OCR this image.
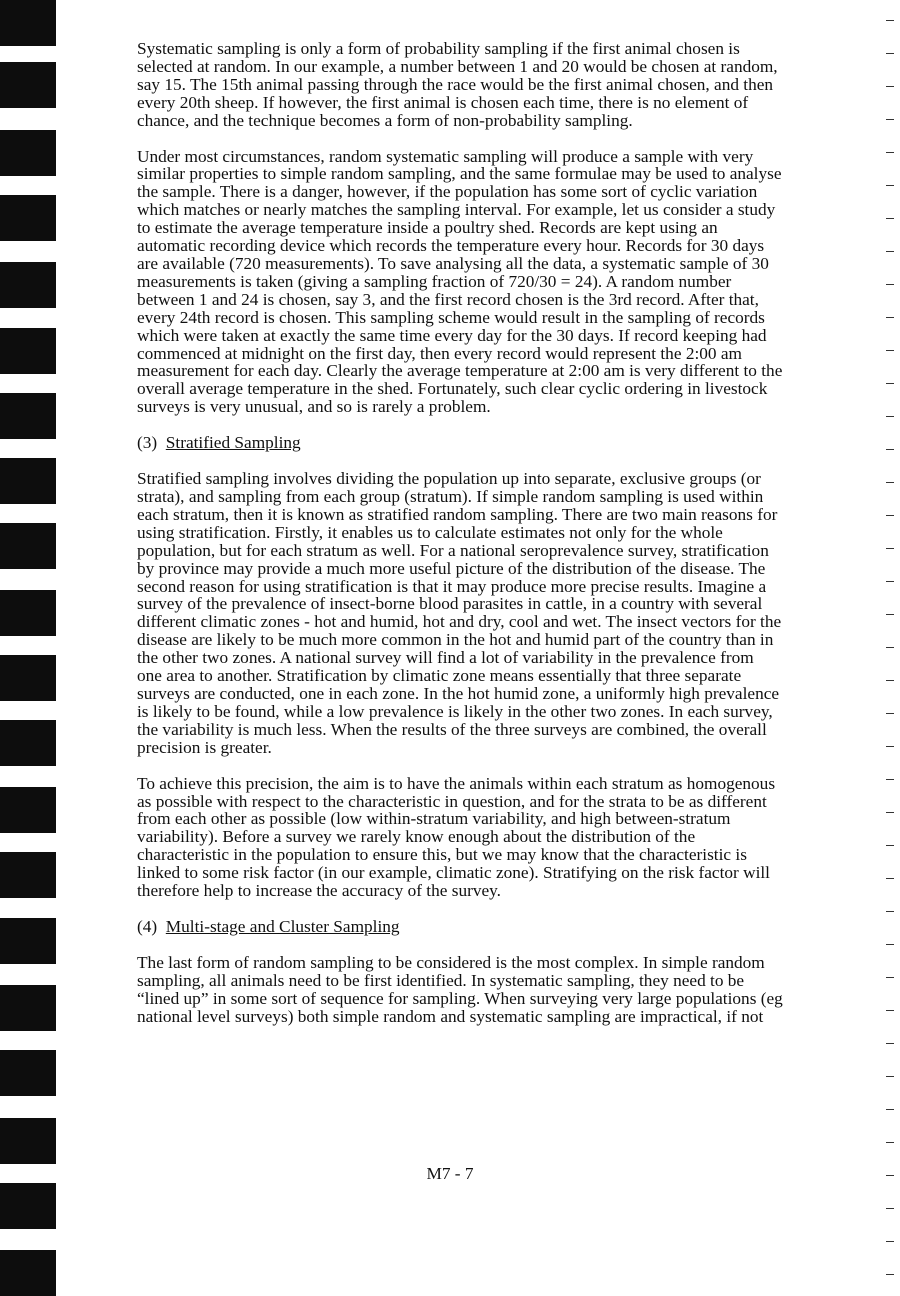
Systematic sampling is only a form of probability sampling if the first animal chosen is

selected at random. In our example, a number between 1 and 20 would be chosen at random,

say 15. The 15th animal passing through the race would be the first animal chosen, and then

every 20th sheep. If however, the first animal is chosen each time, there is no element of

chance, and the technique becomes a form of non-probability sampling.

Under most circumstances, random systematic sampling will produce a sample with very

similar properties to simple random sampling, and the same formulae may be used to analyse

the sample. There is a danger, however, if the population has some sort of cyclic variation

which matches or nearly matches the sampling interval. For example, let us consider a study

to estimate the average temperature inside a poultry shed. Records are kept using an

automatic recording device which records the temperature every hour. Records for 30 days

are available (720 measurements). To save analysing all the data, a systematic sample of 30

measurements is taken (giving a sampling fraction of 720/30 = 24). A random number

between 1 and 24 is chosen, say 3, and the first record chosen is the 3rd record. After that,

every 24th record is chosen. This sampling scheme would result in the sampling of records

which were taken at exactly the same time every day for the 30 days. If record keeping had

commenced at midnight on the first day, then every record would represent the 2:00 am

measurement for each day. Clearly the average temperature at 2:00 am is very different to the

overall average temperature in the shed. Fortunately, such clear cyclic ordering in livestock

surveys is very unusual, and so is rarely a problem.

(3) Stratified Sampling

Stratified sampling involves dividing the population up into separate, exclusive groups (or

strata), and sampling from each group (stratum). If simple random sampling is used within

each stratum, then it is known as stratified random sampling. There are two main reasons for

using stratification. Firstly, it enables us to calculate estimates not only for the whole

population, but for each stratum as well. For a national seroprevalence survey, stratification

by province may provide a much more useful picture of the distribution of the disease. The

second reason for using stratification is that it may produce more precise results. Imagine a

survey of the prevalence of insect-borne blood parasites in cattle, in a country with several

different climatic zones - hot and humid, hot and dry, cool and wet. The insect vectors for the

disease are likely to be much more common in the hot and humid part of the country than in

the other two zones. A national survey will find a lot of variability in the prevalence from

one area to another. Stratification by climatic zone means essentially that three separate

surveys are conducted, one in each zone. In the hot humid zone, a uniformly high prevalence

is likely to be found, while a low prevalence is likely in the other two zones. In each survey,

the variability is much less. When the results of the three surveys are combined, the overall

precision is greater.

To achieve this precision, the aim is to have the animals within each stratum as homogenous

as possible with respect to the characteristic in question, and for the strata to be as different

from each other as possible (low within-stratum variability, and high between-stratum

variability). Before a survey we rarely know enough about the distribution of the

characteristic in the population to ensure this, but we may know that the characteristic is

linked to some risk factor (in our example, climatic zone). Stratifying on the risk factor will

therefore help to increase the accuracy of the survey.

(4) Multi-stage and Cluster Sampling

The last form of random sampling to be considered is the most complex. In simple random

sampling, all animals need to be first identified. In systematic sampling, they need to be

“lined up” in some sort of sequence for sampling. When surveying very large populations (eg

national level surveys) both simple random and systematic sampling are impractical, if not

M7 - 7
